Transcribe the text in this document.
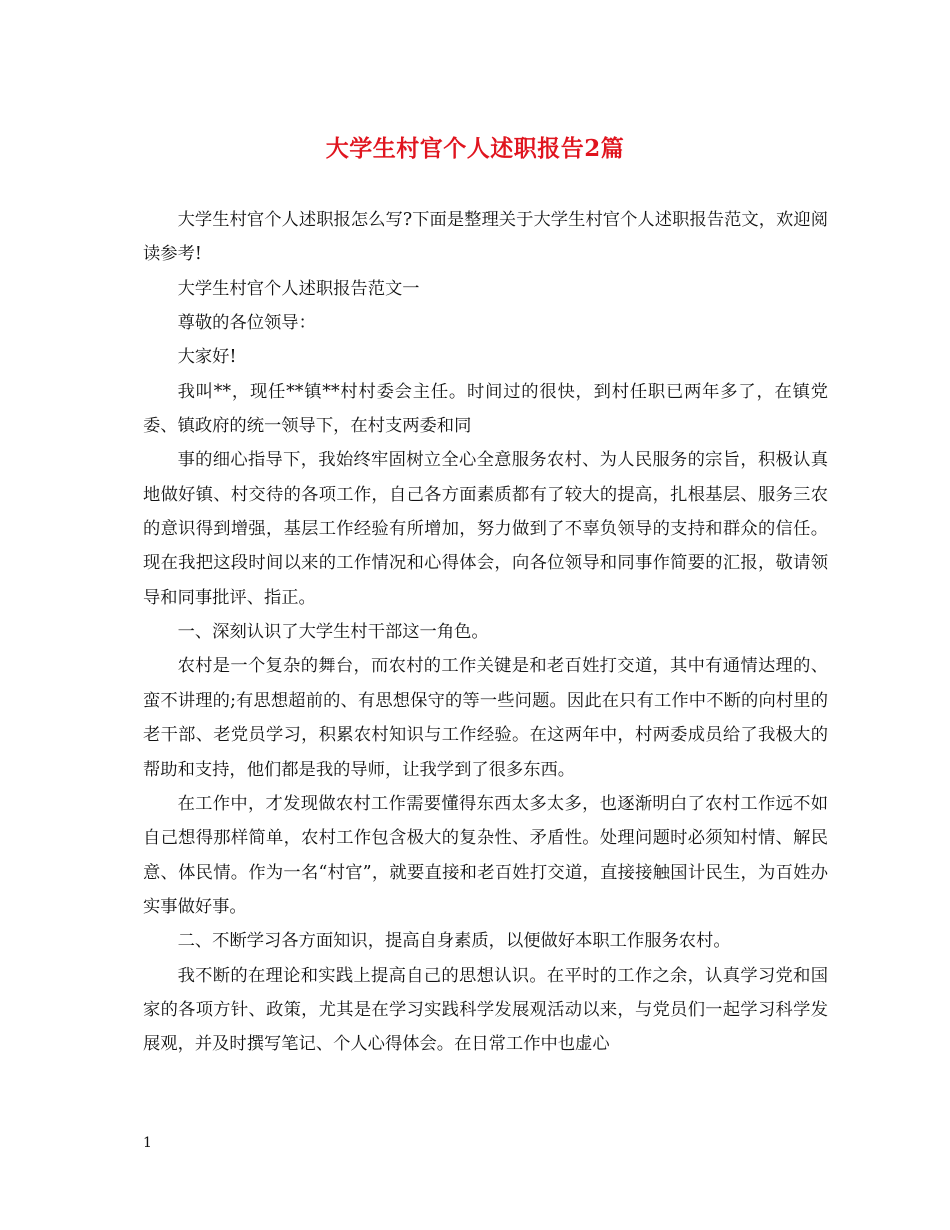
大学生村官个人述职报告2篇

大学生村官个人述职报怎么写?下面是整理关于大学生村官个人述职报告范文，欢迎阅读参考!

大学生村官个人述职报告范文一

尊敬的各位领导：

大家好!

我叫**，现任**镇**村村委会主任。时间过的很快，到村任职已两年多了，在镇党委、镇政府的统一领导下，在村支两委和同

事的细心指导下，我始终牢固树立全心全意服务农村、为人民服务的宗旨，积极认真地做好镇、村交待的各项工作，自己各方面素质都有了较大的提高，扎根基层、服务三农的意识得到增强，基层工作经验有所增加，努力做到了不辜负领导的支持和群众的信任。现在我把这段时间以来的工作情况和心得体会，向各位领导和同事作简要的汇报，敬请领导和同事批评、指正。

一、深刻认识了大学生村干部这一角色。

农村是一个复杂的舞台，而农村的工作关键是和老百姓打交道，其中有通情达理的、蛮不讲理的;有思想超前的、有思想保守的等一些问题。因此在只有工作中不断的向村里的老干部、老党员学习，积累农村知识与工作经验。在这两年中，村两委成员给了我极大的帮助和支持，他们都是我的导师，让我学到了很多东西。

在工作中，才发现做农村工作需要懂得东西太多太多，也逐渐明白了农村工作远不如自己想得那样简单，农村工作包含极大的复杂性、矛盾性。处理问题时必须知村情、解民意、体民情。作为一名“村官”，就要直接和老百姓打交道，直接接触国计民生，为百姓办实事做好事。

二、不断学习各方面知识，提高自身素质，以便做好本职工作服务农村。

我不断的在理论和实践上提高自己的思想认识。在平时的工作之余，认真学习党和国家的各项方针、政策，尤其是在学习实践科学发展观活动以来，与党员们一起学习科学发展观，并及时撰写笔记、个人心得体会。在日常工作中也虚心

1
